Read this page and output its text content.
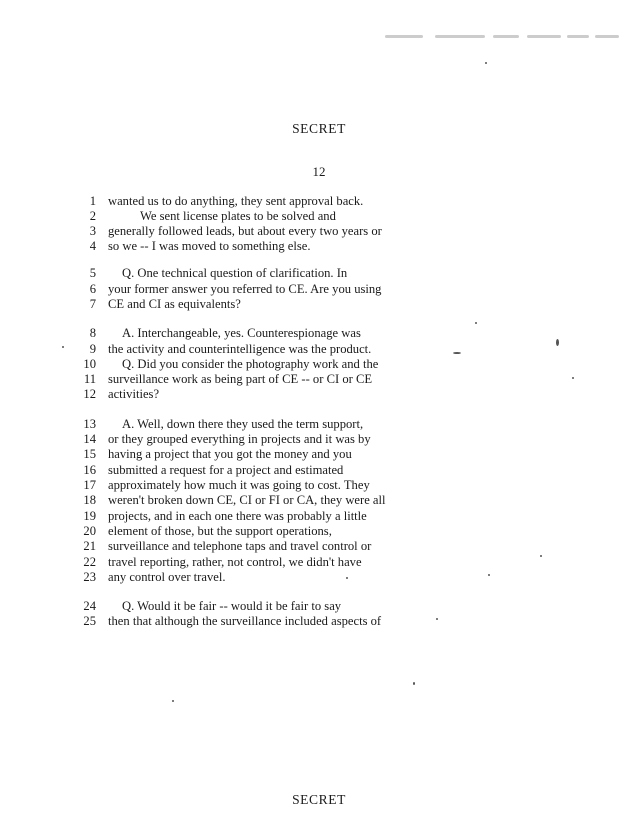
SECRET
12
1 wanted us to do anything, they sent approval back.
2	We sent license plates to be solved and
3 generally followed leads, but about every two years or
4 so we -- I was moved to something else.
5 Q. One technical question of clarification. In
6 your former answer you referred to CE. Are you using
7 CE and CI as equivalents?
8 A. Interchangeable, yes. Counterespionage was
9 the activity and counterintelligence was the product.
10 Q. Did you consider the photography work and the
11 surveillance work as being part of CE -- or CI or CE
12 activities?
13 A. Well, down there they used the term support,
14 or they grouped everything in projects and it was by
15 having a project that you got the money and you
16 submitted a request for a project and estimated
17 approximately how much it was going to cost. They
18 weren't broken down CE, CI or FI or CA, they were all
19 projects, and in each one there was probably a little
20 element of those, but the support operations,
21 surveillance and telephone taps and travel control or
22 travel reporting, rather, not control, we didn't have
23 any control over travel.
24 Q. Would it be fair -- would it be fair to say
25 then that although the surveillance included aspects of
SECRET
